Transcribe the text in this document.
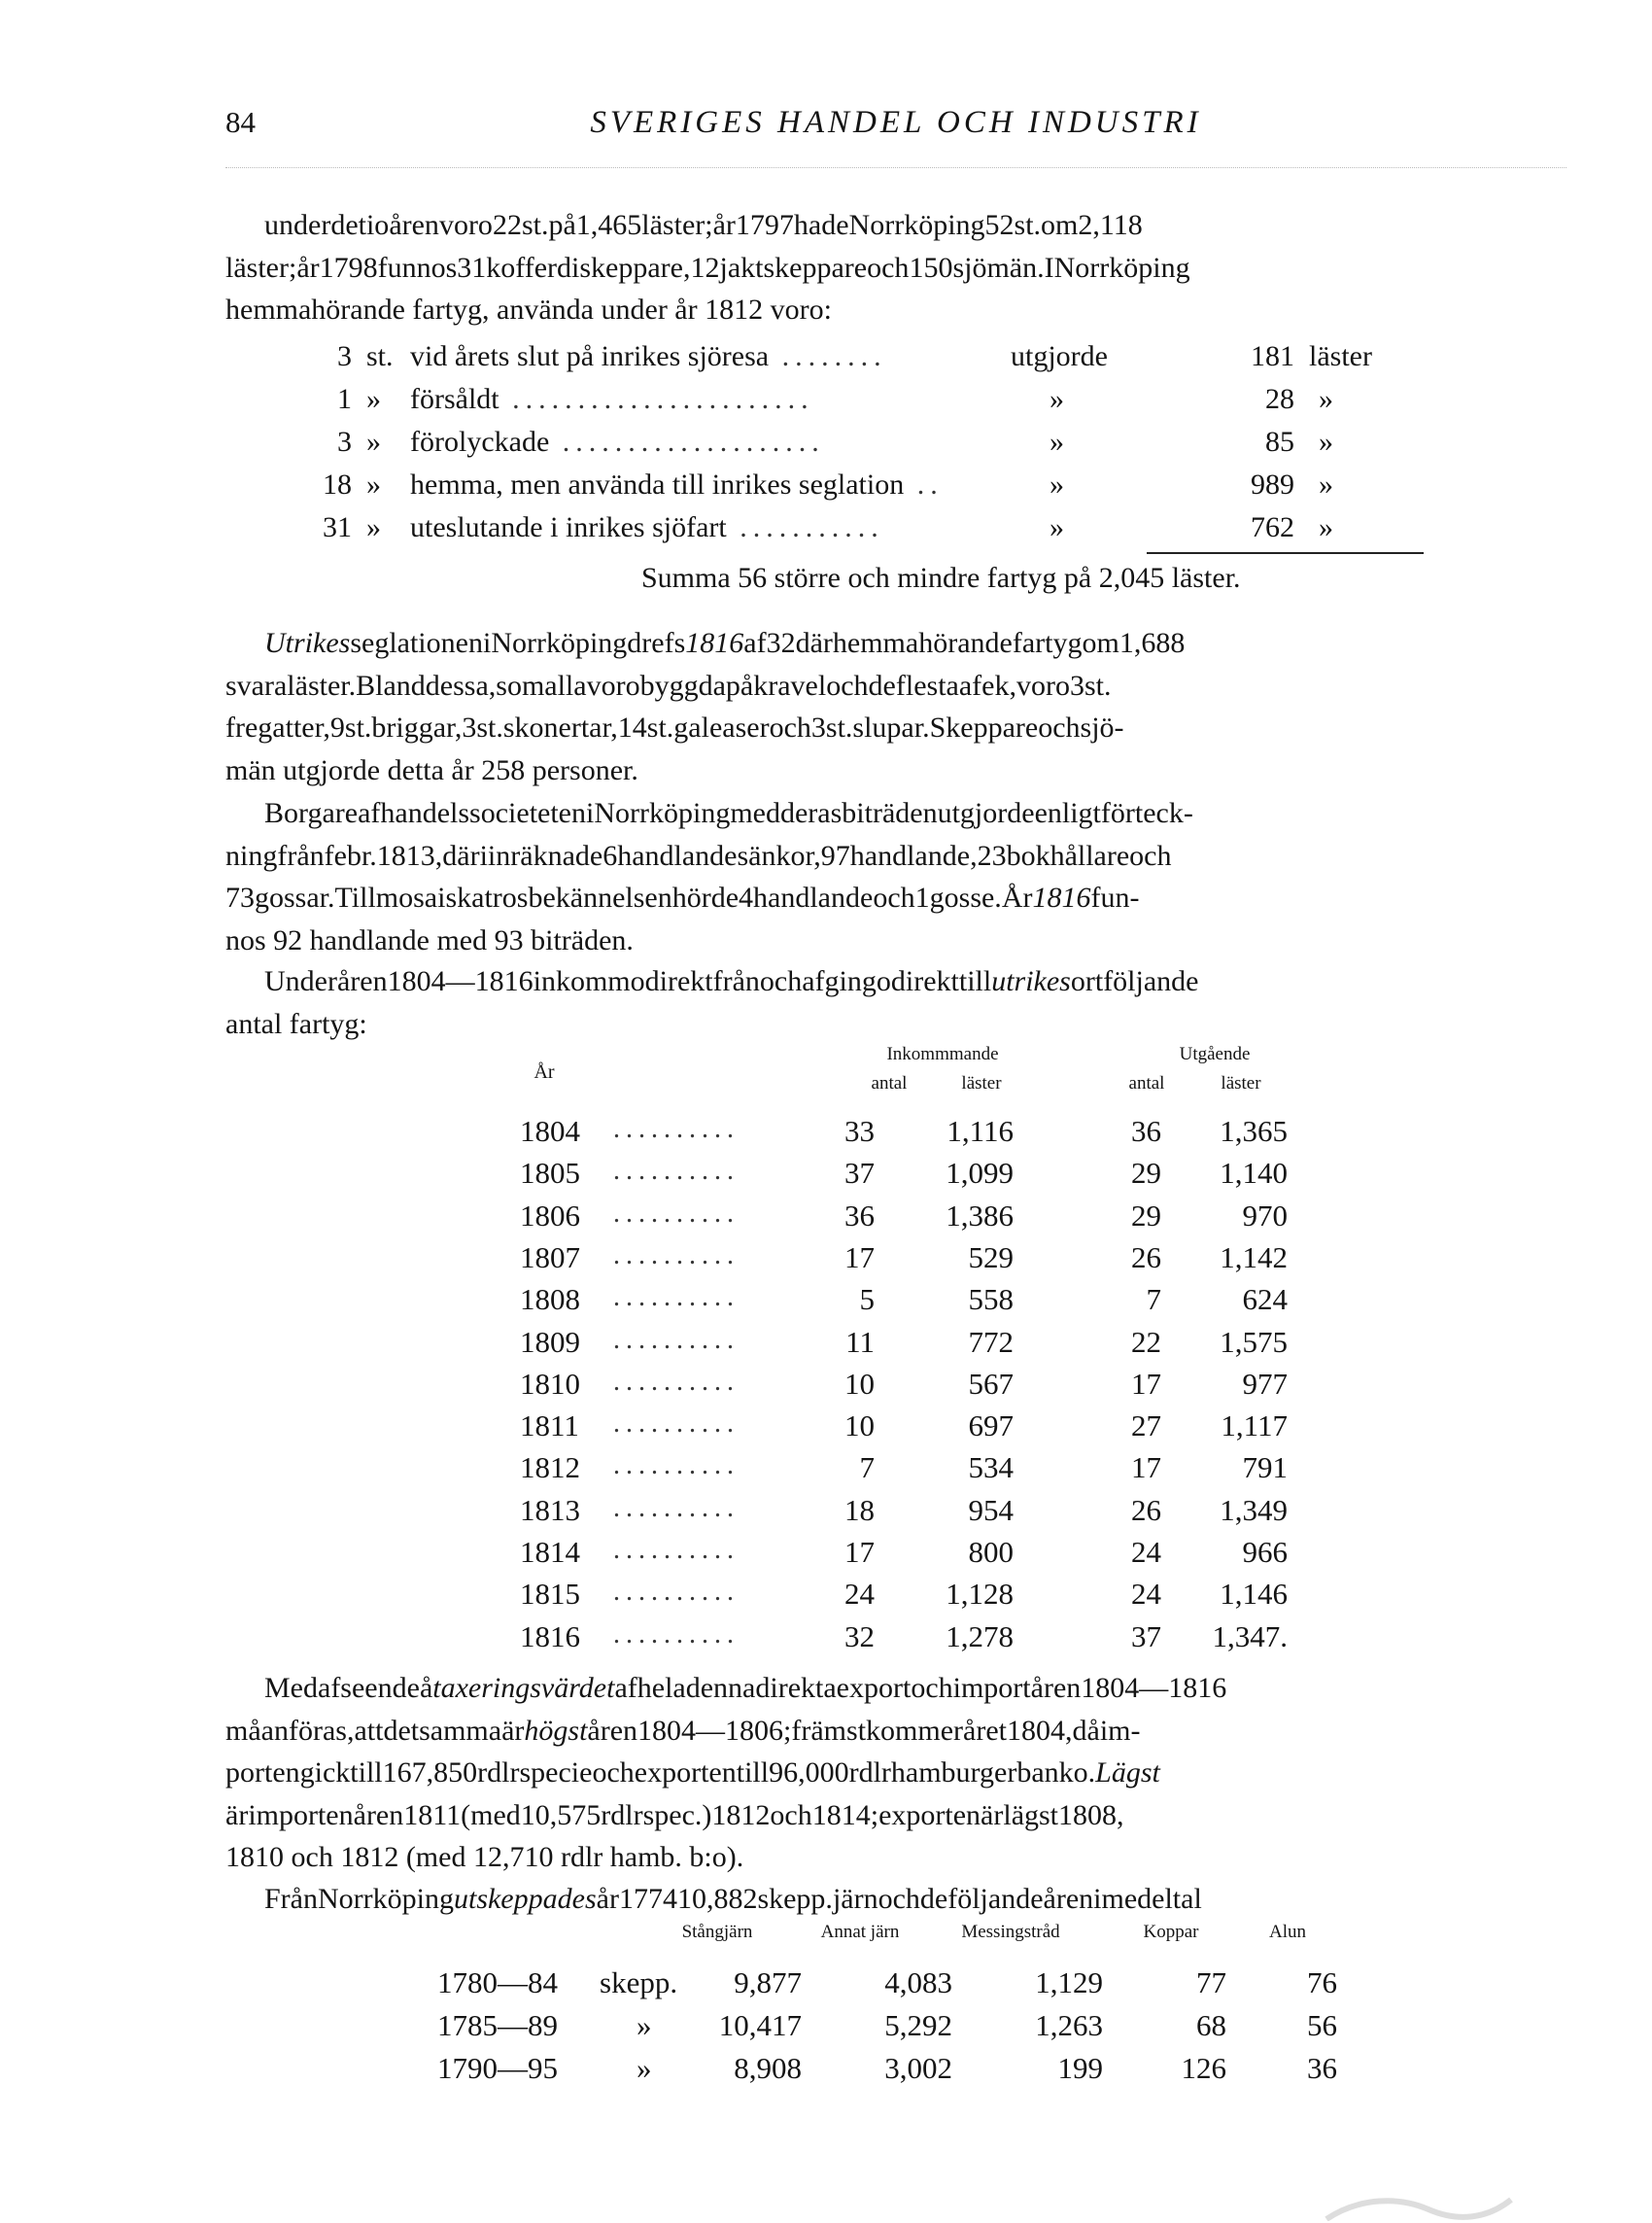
84	SVERIGES HANDEL OCH INDUSTRI
underdetioårenvoro22st.på1,465läster;år1797hadeNorrköping52st.om2,118
läster;år1798funnos31kofferdiskeppare,12jaktskeppareoch150sjömän.INorrköping
hemmahörande fartyg, använda under år 1812 voro:
3 st. vid årets slut på inrikes sjöresa ........	utgjorde	181 läster
1 » försåldt .......................	»	28 »
3 » förolyckade ....................	»	85 »
18 » hemma, men använda till inrikes seglation ..	»	989 »
31 » uteslutande i inrikes sjöfart ...........	»	762 »
Summa 56 större och mindre fartyg på 2,045 läster.
UtrikesseglationeniNorrköpingdrefs1816af32därhemmahörandefartygom1,688
svaraläster.Blanddessa,somallavorobyggdapåkravelochdeflestaafek,voro3st.
fregatter,9st.briggar,3st.skonertar,14st.galeaseroch3st.slupar.Skeppareochsjö-
män utgjorde detta år 258 personer.
BorgareafhandelssocieteteniNorrköpingmedderasbiträdenutgjordeenligtförteck-
ningfrånfebr.1813,däriinräknade6handlandesänkor,97handlande,23bokhållareoch
73gossar.Tillmosaiskatrosbekännelsenhörde4handlandeoch1gosse.År1816fun-
nos 92 handlande med 93 biträden.
Underåren1804—1816inkommodirektfrånochafgingodirekttillutrikesortföljande
antal fartyg:
År
Inkommmande	Utgående
antal	läster	antal	läster
1804 ..........	33 1,116	36 1,365
1805 ..........	37 1,099	29 1,140
1806 ..........	36 1,386	29	970
1807 ..........	17	529	26 1,142
1808 ..........	5	558	7	624
1809 ..........	11	772	22 1,575
1810 ..........	10	567	17	977
1811 ..........	10	697	27 1,117
1812 ..........	7	534	17	791
1813 ..........	18	954	26 1,349
1814 ..........	17	800	24	966
1815 ..........	24 1,128	24 1,146
1816 ..........	32 1,278	37 1,347.
Medafseendeåtaxeringsvärdetafheladennadirektaexportochimportåren1804—1816
måanföras,attdetsammaärhögståren1804—1806;främstkommeråret1804,dåim-
portengicktill167,850rdlrspecieochexportentill96,000rdlrhamburgerbanko.Lägst
ärimportenåren1811(med10,575rdlrspec.)1812och1814;exportenärlägst1808,
1810 och 1812 (med 12,710 rdlr hamb. b:o).
FrånNorrköpingutskeppadesår177410,882skepp.järnochdeföljandeårenimedeltal
Stångjärn	Annat järn	Messingstråd	Koppar	Alun
1780—84 skepp. 9,877	4,083	1,129	77	76
1785—89	» 10,417	5,292	1,263	68	56
1790—95	»	8,908	3,002	199	126	36
